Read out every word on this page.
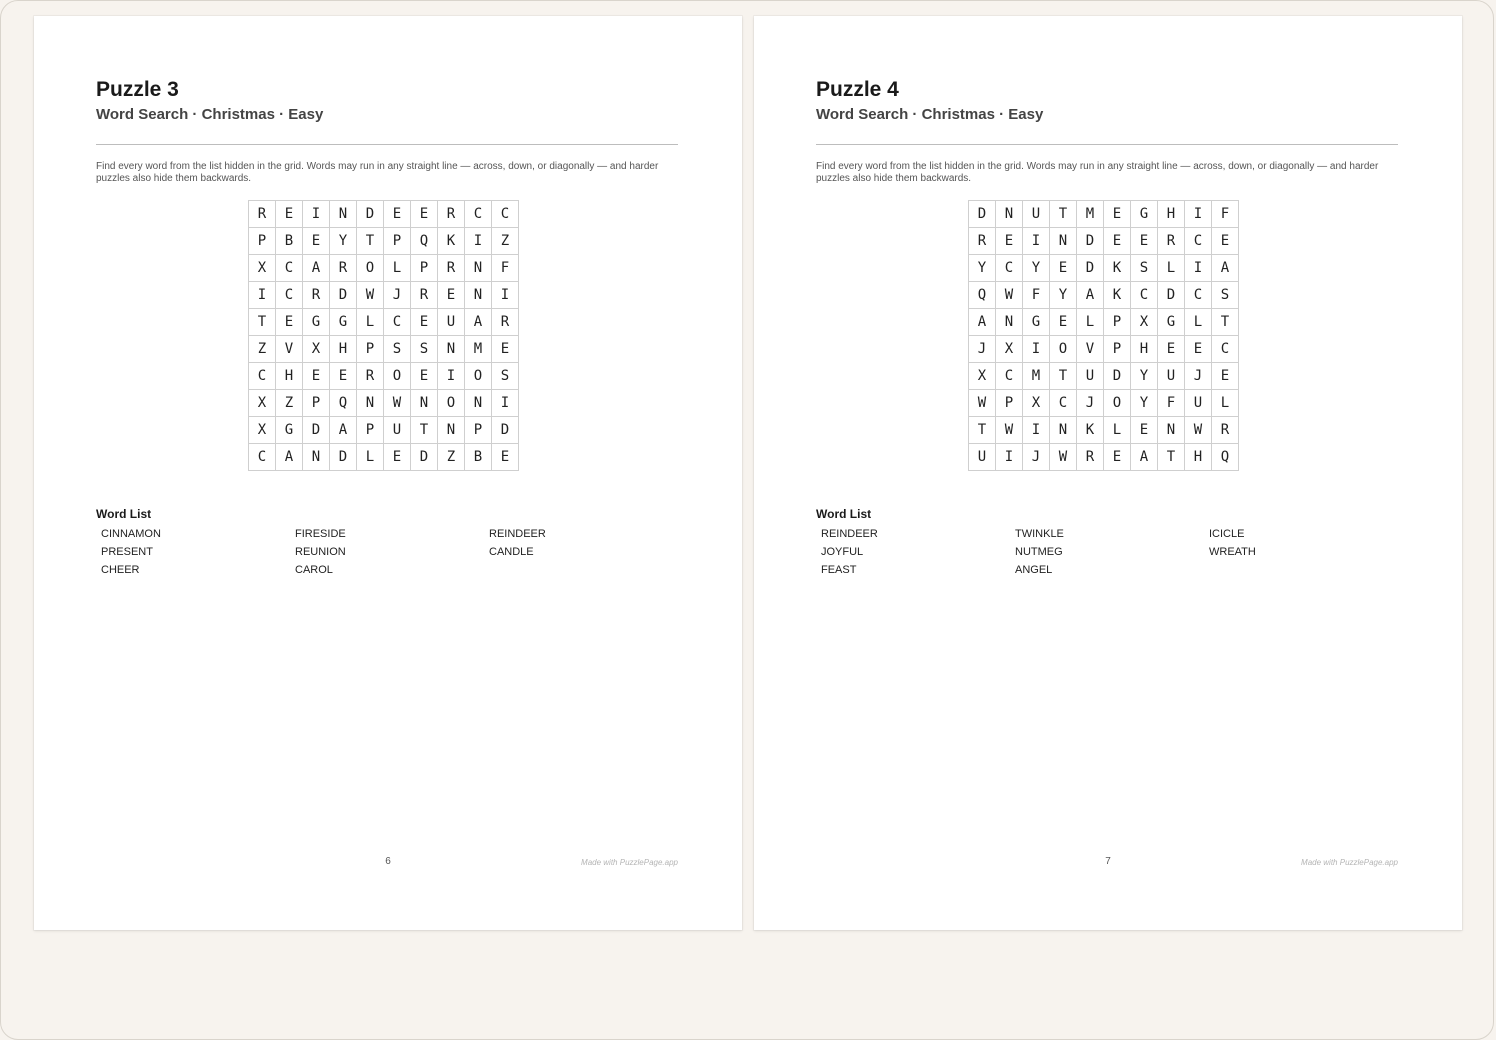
Puzzle 3
Word Search · Christmas · Easy

Find every word from the list hidden in the grid. Words may run in any straight line — across, down, or diagonally — and harder puzzles also hide them backwards.

R	E	I	N	D	E	E	R	C	C
P	B	E	Y	T	P	Q	K	I	Z
X	C	A	R	O	L	P	R	N	F
I	C	R	D	W	J	R	E	N	I
T	E	G	G	L	C	E	U	A	R
Z	V	X	H	P	S	S	N	M	E
C	H	E	E	R	O	E	I	O	S
X	Z	P	Q	N	W	N	O	N	I
X	G	D	A	P	U	T	N	P	D
C	A	N	D	L	E	D	Z	B	E
Word List
CINNAMON	FIRESIDE	REINDEER
PRESENT	REUNION	CANDLE
CHEER	CAROL
6	Made with PuzzlePage.app
Puzzle 4
Word Search · Christmas · Easy

Find every word from the list hidden in the grid. Words may run in any straight line — across, down, or diagonally — and harder puzzles also hide them backwards.

D	N	U	T	M	E	G	H	I	F
R	E	I	N	D	E	E	R	C	E
Y	C	Y	E	D	K	S	L	I	A
Q	W	F	Y	A	K	C	D	C	S
A	N	G	E	L	P	X	G	L	T
J	X	I	O	V	P	H	E	E	C
X	C	M	T	U	D	Y	U	J	E
W	P	X	C	J	O	Y	F	U	L
T	W	I	N	K	L	E	N	W	R
U	I	J	W	R	E	A	T	H	Q
Word List
REINDEER	TWINKLE	ICICLE
JOYFUL	NUTMEG	WREATH
FEAST	ANGEL
7	Made with PuzzlePage.app
